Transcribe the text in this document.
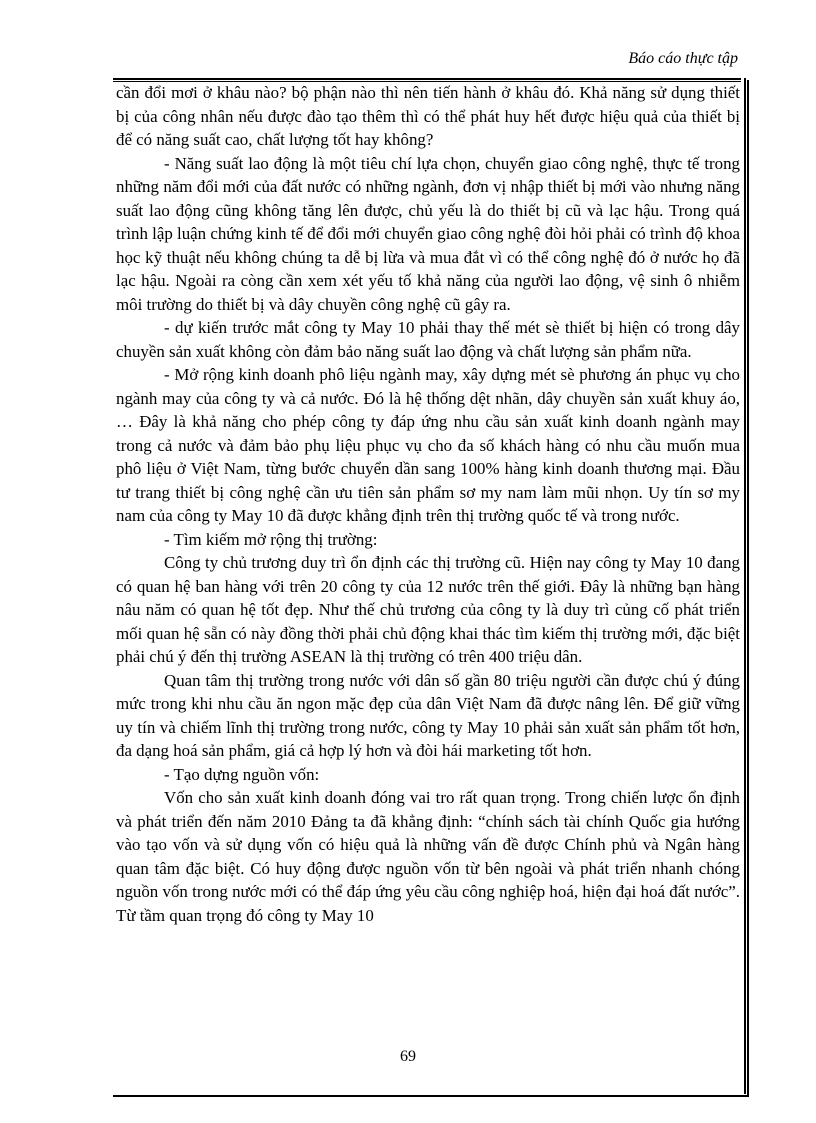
Báo cáo thực tập

cần đổi mơi ở khâu nào? bộ phận nào thì nên tiến hành ở khâu đó. Khả năng sử dụng thiết bị của công nhân nếu được đào tạo thêm thì có thể phát huy hết được hiệu quả của thiết bị để có năng suất cao, chất lượng tốt hay không?

- Năng suất lao động là một tiêu chí lựa chọn, chuyển giao công nghệ, thực tế trong những năm đổi mới của đất nước có những ngành, đơn vị nhập thiết bị mới vào nhưng năng suất lao động cũng không tăng lên được, chủ yếu là do thiết bị cũ và lạc hậu. Trong quá trình lập luận chứng kinh tế để đổi mới chuyển giao công nghệ đòi hỏi phải có trình độ khoa học kỹ thuật nếu không chúng ta dễ bị lừa và mua đắt vì có thể công nghệ đó ở nước họ đã lạc hậu. Ngoài ra còng cần xem xét yếu tố khả năng của người lao động, vệ sinh ô nhiễm môi trường do thiết bị và dây chuyền công nghệ cũ gây ra.

- dự kiến trước mắt công ty May 10 phải thay thế mét sè thiết bị hiện có trong dây chuyền sản xuất không còn đảm bảo năng suất lao động và chất lượng sản phẩm nữa.

- Mở rộng kinh doanh phô liệu ngành may, xây dựng mét sè phương án phục vụ cho ngành may của công ty và cả nước. Đó là hệ thống dệt nhãn, dây chuyền sản xuất khuy áo, … Đây là khả năng cho phép công ty đáp ứng nhu cầu sản xuất kinh doanh ngành may trong cả nước và đảm bảo phụ liệu phục vụ cho đa số khách hàng có nhu cầu muốn mua phô liệu ở Việt Nam, từng bước chuyển dần sang 100% hàng kinh doanh thương mại. Đầu tư trang thiết bị công nghệ cần ưu tiên sản phẩm sơ my nam làm mũi nhọn. Uy tín sơ my nam của công ty May 10 đã được khẳng định trên thị trường quốc tế và trong nước.

- Tìm kiếm mở rộng thị trường:

Công ty chủ trương duy trì ổn định các thị trường cũ. Hiện nay công ty May 10 đang có quan hệ ban hàng với trên 20 công ty của 12 nước trên thế giới. Đây là những bạn hàng nâu năm có quan hệ tốt đẹp. Như thế chủ trương của công ty là duy trì củng cố phát triển mối quan hệ sẵn có này đồng thời phải chủ động khai thác tìm kiếm thị trường mới, đặc biệt phải chú ý đến thị trường ASEAN là thị trường có trên 400 triệu dân.

Quan tâm thị trường trong nước với dân số gần 80 triệu người cần được chú ý đúng mức trong khi nhu cầu ăn ngon mặc đẹp của dân Việt Nam đã được nâng lên. Để giữ vững uy tín và chiếm lĩnh thị trường trong nước, công ty May 10 phải sản xuất sản phẩm tốt hơn, đa dạng hoá sản phẩm, giá cả hợp lý hơn và đòi hái marketing tốt hơn.

- Tạo dựng nguồn vốn:

Vốn cho sản xuất kinh doanh đóng vai tro rất quan trọng. Trong chiến lược ổn định và phát triển đến năm 2010 Đảng ta đã khẳng định: “chính sách tài chính Quốc gia hướng vào tạo vốn và sử dụng vốn có hiệu quả là những vấn đề được Chính phủ và Ngân hàng quan tâm đặc biệt. Có huy động được nguồn vốn từ bên ngoài và phát triển nhanh chóng nguồn vốn trong nước mới có thể đáp ứng yêu cầu công nghiệp hoá, hiện đại hoá đất nước”. Từ tầm quan trọng đó công ty May 10

69
